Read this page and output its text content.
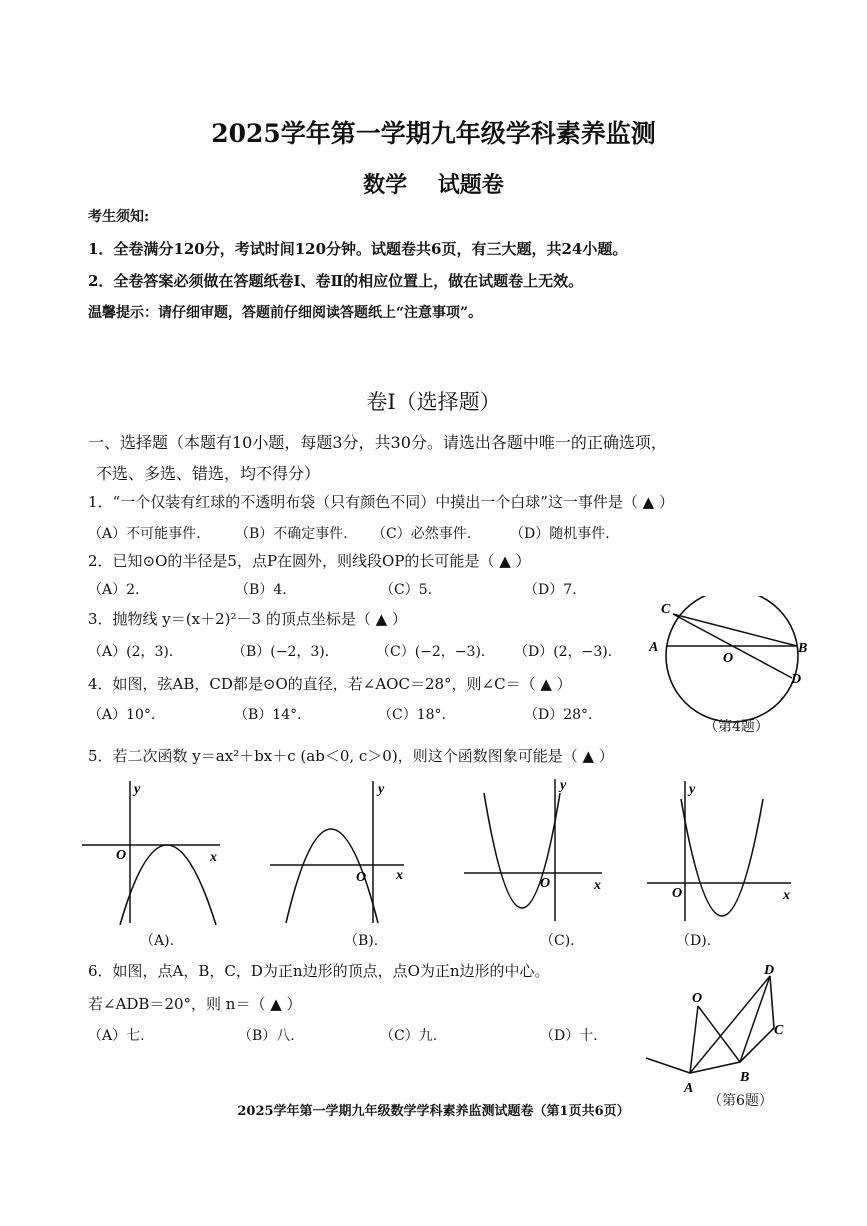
2025学年第一学期九年级学科素养监测
数学    试题卷
考生须知:
1．全卷满分120分，考试时间120分钟。试题卷共6页，有三大题，共24小题。
2．全卷答案必须做在答题纸卷Ⅰ、卷Ⅱ的相应位置上，做在试题卷上无效。
温馨提示：请仔细审题，答题前仔细阅读答题纸上“注意事项”。
卷Ⅰ（选择题）
一、选择题（本题有10小题，每题3分，共30分。请选出各题中唯一的正确选项，
不选、多选、错选，均不得分）
1．“一个仅装有红球的不透明布袋（只有颜色不同）中摸出一个白球”这一事件是（ ▲ ）
（A）不可能事件. （B）不确定事件. （C）必然事件.	（D）随机事件.
2．已知⊙O的半径是5，点P在圆外，则线段OP的长可能是（ ▲ ）
（A）2.	（B）4.	（C）5.	（D）7.
3．抛物线 y＝(x＋2)²－3 的顶点坐标是（ ▲ ）
（A）(2，3)．	（B）(−2，3)．	（C）(−2，−3)． （D）(2，−3)．
4．如图，弦AB，CD都是⊙O的直径，若∠AOC＝28°，则∠C＝（ ▲ ）
（A）10°.	（B）14°.	（C）18°.	（D）28°.
C
A
O
B
D
（第4题）
5．若二次函数 y＝ax²＋bx＋c (ab＜0, c＞0)，则这个函数图象可能是（ ▲ ）
y
O	x
（A).
y
O x
（B).
y
O	x
（C).
y
O	x
（D).
6．如图，点A，B，C，D为正n边形的顶点，点O为正n边形的中心。
若∠ADB＝20°，则 n＝（ ▲ ）
（A）七.	（B）八.	（C）九.	（D）十.
D
O
C
B
A
（第6题）
2025学年第一学期九年级数学学科素养监测试题卷（第1页共6页）
